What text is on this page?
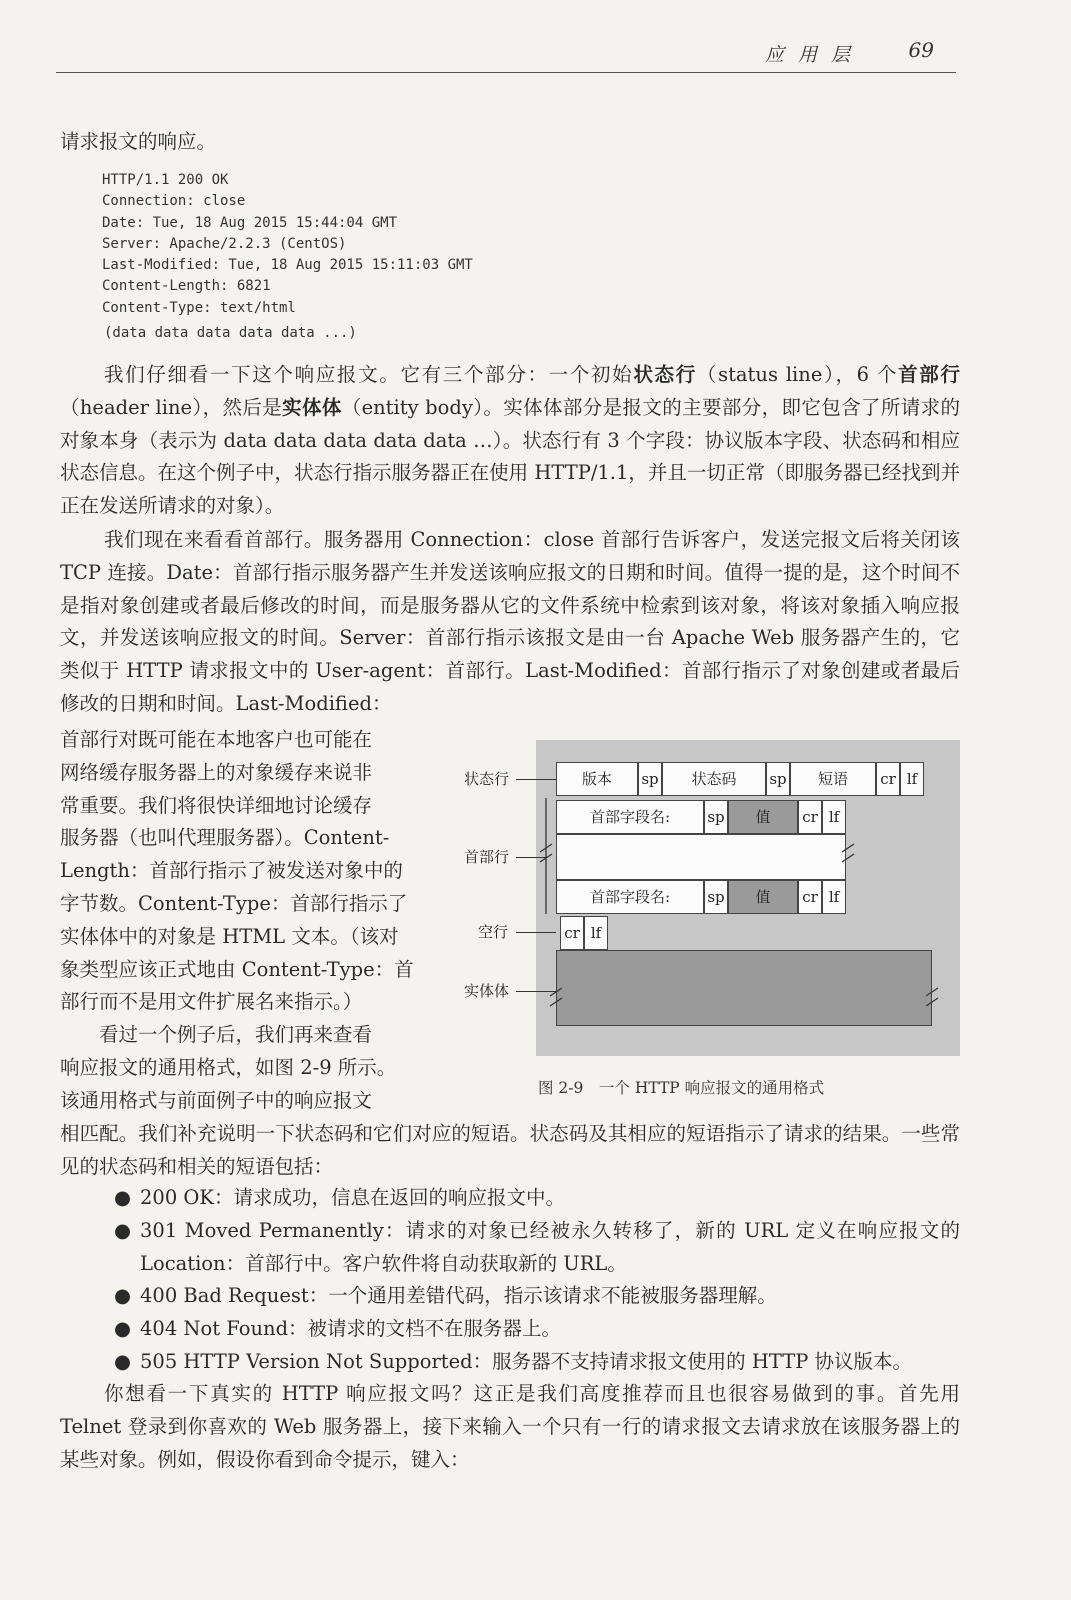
应用层 69

请求报文的响应。

HTTP/1.1 200 OK
Connection: close
Date: Tue, 18 Aug 2015 15:44:04 GMT
Server: Apache/2.2.3 (CentOS)
Last-Modified: Tue, 18 Aug 2015 15:11:03 GMT
Content-Length: 6821
Content-Type: text/html
(data data data data data ...)

我们仔细看一下这个响应报文。它有三个部分：一个初始状态行（status line），6 个首部行（header line），然后是实体体（entity body）。实体体部分是报文的主要部分，即它包含了所请求的对象本身（表示为 data data data data data …）。状态行有 3 个字段：协议版本字段、状态码和相应状态信息。在这个例子中，状态行指示服务器正在使用 HTTP/1.1，并且一切正常（即服务器已经找到并正在发送所请求的对象）。

我们现在来看看首部行。服务器用 Connection：close 首部行告诉客户，发送完报文后将关闭该 TCP 连接。Date：首部行指示服务器产生并发送该响应报文的日期和时间。值得一提的是，这个时间不是指对象创建或者最后修改的时间，而是服务器从它的文件系统中检索到该对象，将该对象插入响应报文，并发送该响应报文的时间。Server：首部行指示该报文是由一台 Apache Web 服务器产生的，它类似于 HTTP 请求报文中的 User-agent：首部行。Last-Modified：首部行指示了对象创建或者最后修改的日期和时间。Last-Modified：

首部行对既可能在本地客户也可能在

网络缓存服务器上的对象缓存来说非

常重要。我们将很快详细地讨论缓存

服务器（也叫代理服务器）。Content-

Length：首部行指示了被发送对象中的

字节数。Content-Type：首部行指示了

实体体中的对象是 HTML 文本。（该对

象类型应该正式地由 Content-Type：首

部行而不是用文件扩展名来指示。）

　　看过一个例子后，我们再来查看

响应报文的通用格式，如图 2-9 所示。

该通用格式与前面例子中的响应报文

状态行
首部行
空行
实体体
版本	sp	状态码	sp	短语	cr lf
首部字段名:	sp	值	cr lf
首部字段名:	sp	值	cr lf
cr lf
图 2-9　一个 HTTP 响应报文的通用格式

相匹配。我们补充说明一下状态码和它们对应的短语。状态码及其相应的短语指示了请求的结果。一些常见的状态码和相关的短语包括：

● 200 OK：请求成功，信息在返回的响应报文中。

● 301 Moved Permanently：请求的对象已经被永久转移了，新的 URL 定义在响应报文的 Location：首部行中。客户软件将自动获取新的 URL。

● 400 Bad Request：一个通用差错代码，指示该请求不能被服务器理解。

● 404 Not Found：被请求的文档不在服务器上。

● 505 HTTP Version Not Supported：服务器不支持请求报文使用的 HTTP 协议版本。

你想看一下真实的 HTTP 响应报文吗？这正是我们高度推荐而且也很容易做到的事。首先用 Telnet 登录到你喜欢的 Web 服务器上，接下来输入一个只有一行的请求报文去请求放在该服务器上的某些对象。例如，假设你看到命令提示，键入：
